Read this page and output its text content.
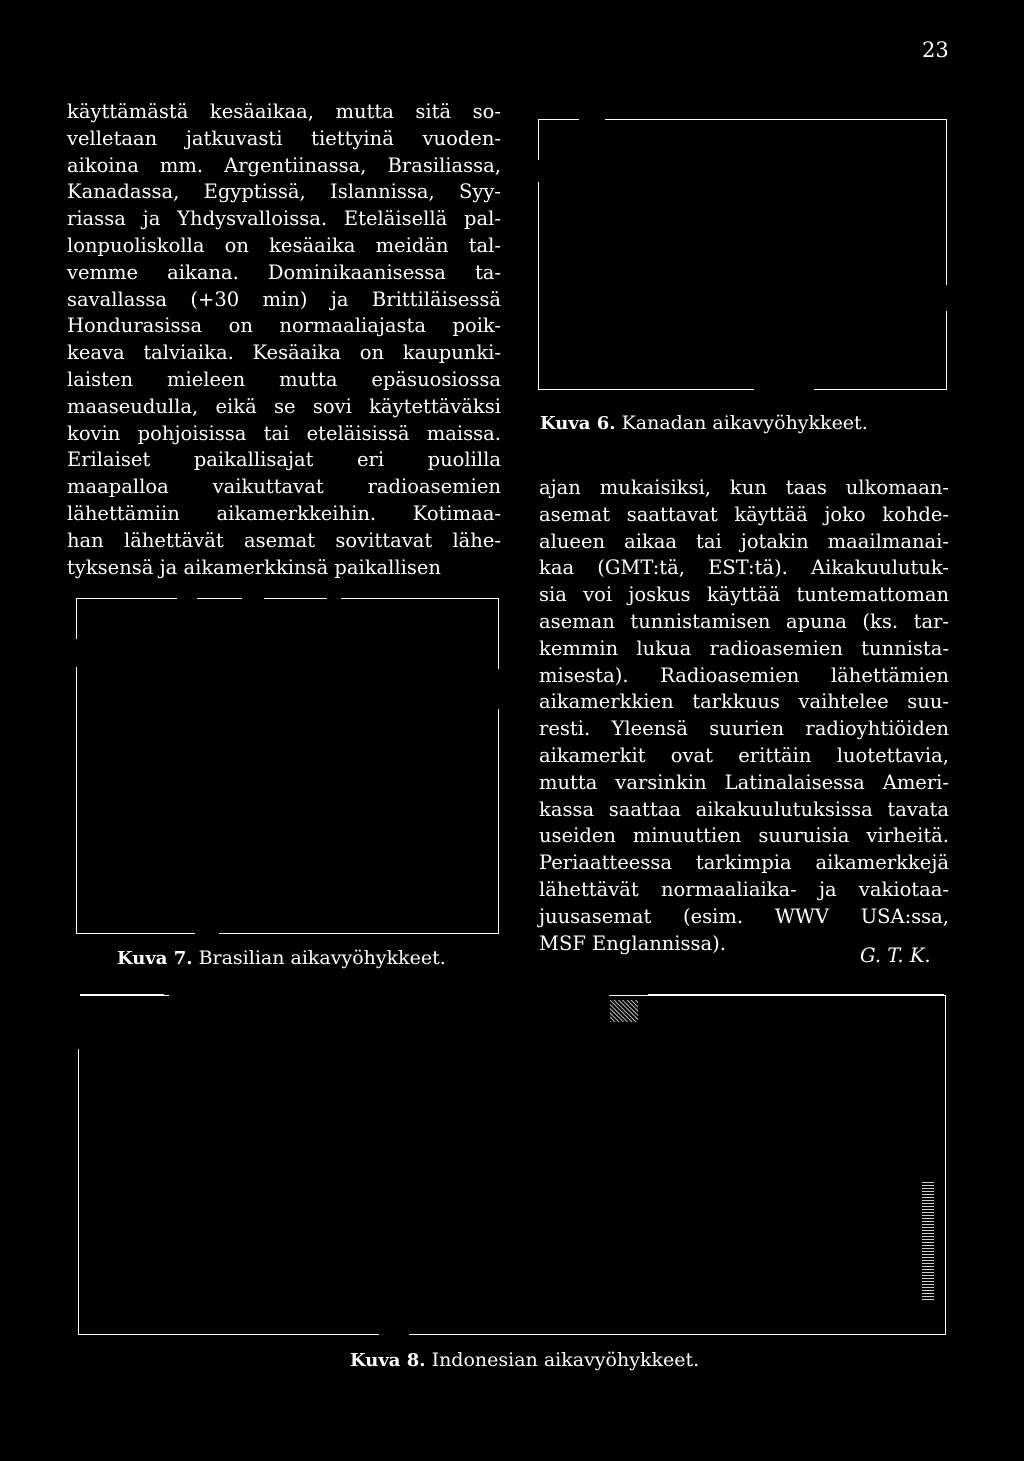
23

käyttämästä kesäaikaa, mutta sitä so-

velletaan jatkuvasti tiettyinä vuoden-

aikoina mm. Argentiinassa, Brasiliassa,

Kanadassa, Egyptissä, Islannissa, Syy-

riassa ja Yhdysvalloissa. Eteläisellä pal-

lonpuoliskolla on kesäaika meidän tal-

vemme aikana. Dominikaanisessa ta-

savallassa (+30 min) ja Brittiläisessä

Hondurasissa on normaaliajasta poik-

keava talviaika. Kesäaika on kaupunki-

laisten mieleen mutta epäsuosiossa

maaseudulla, eikä se sovi käytettäväksi

kovin pohjoisissa tai eteläisissä maissa.

Erilaiset paikallisajat eri puolilla

maapalloa vaikuttavat radioasemien

lähettämiin aikamerkkeihin. Kotimaa-

han lähettävät asemat sovittavat lähe-

tyksensä ja aikamerkkinsä paikallisen

Kuva 6. Kanadan aikavyöhykkeet.

ajan mukaisiksi, kun taas ulkomaan-

asemat saattavat käyttää joko kohde-

alueen aikaa tai jotakin maailmanai-

kaa (GMT:tä, EST:tä). Aikakuulutuk-

sia voi joskus käyttää tuntemattoman

aseman tunnistamisen apuna (ks. tar-

kemmin lukua radioasemien tunnista-

misesta). Radioasemien lähettämien

aikamerkkien tarkkuus vaihtelee suu-

resti. Yleensä suurien radioyhtiöiden

aikamerkit ovat erittäin luotettavia,

mutta varsinkin Latinalaisessa Ameri-

kassa saattaa aikakuulutuksissa tavata

useiden minuuttien suuruisia virheitä.

Periaatteessa tarkimpia aikamerkkejä

lähettävät normaaliaika- ja vakiotaa-

juusasemat (esim. WWV USA:ssa,

MSF Englannissa).

G. T. K.
Kuva 7. Brasilian aikavyöhykkeet.
Kuva 8. Indonesian aikavyöhykkeet.
